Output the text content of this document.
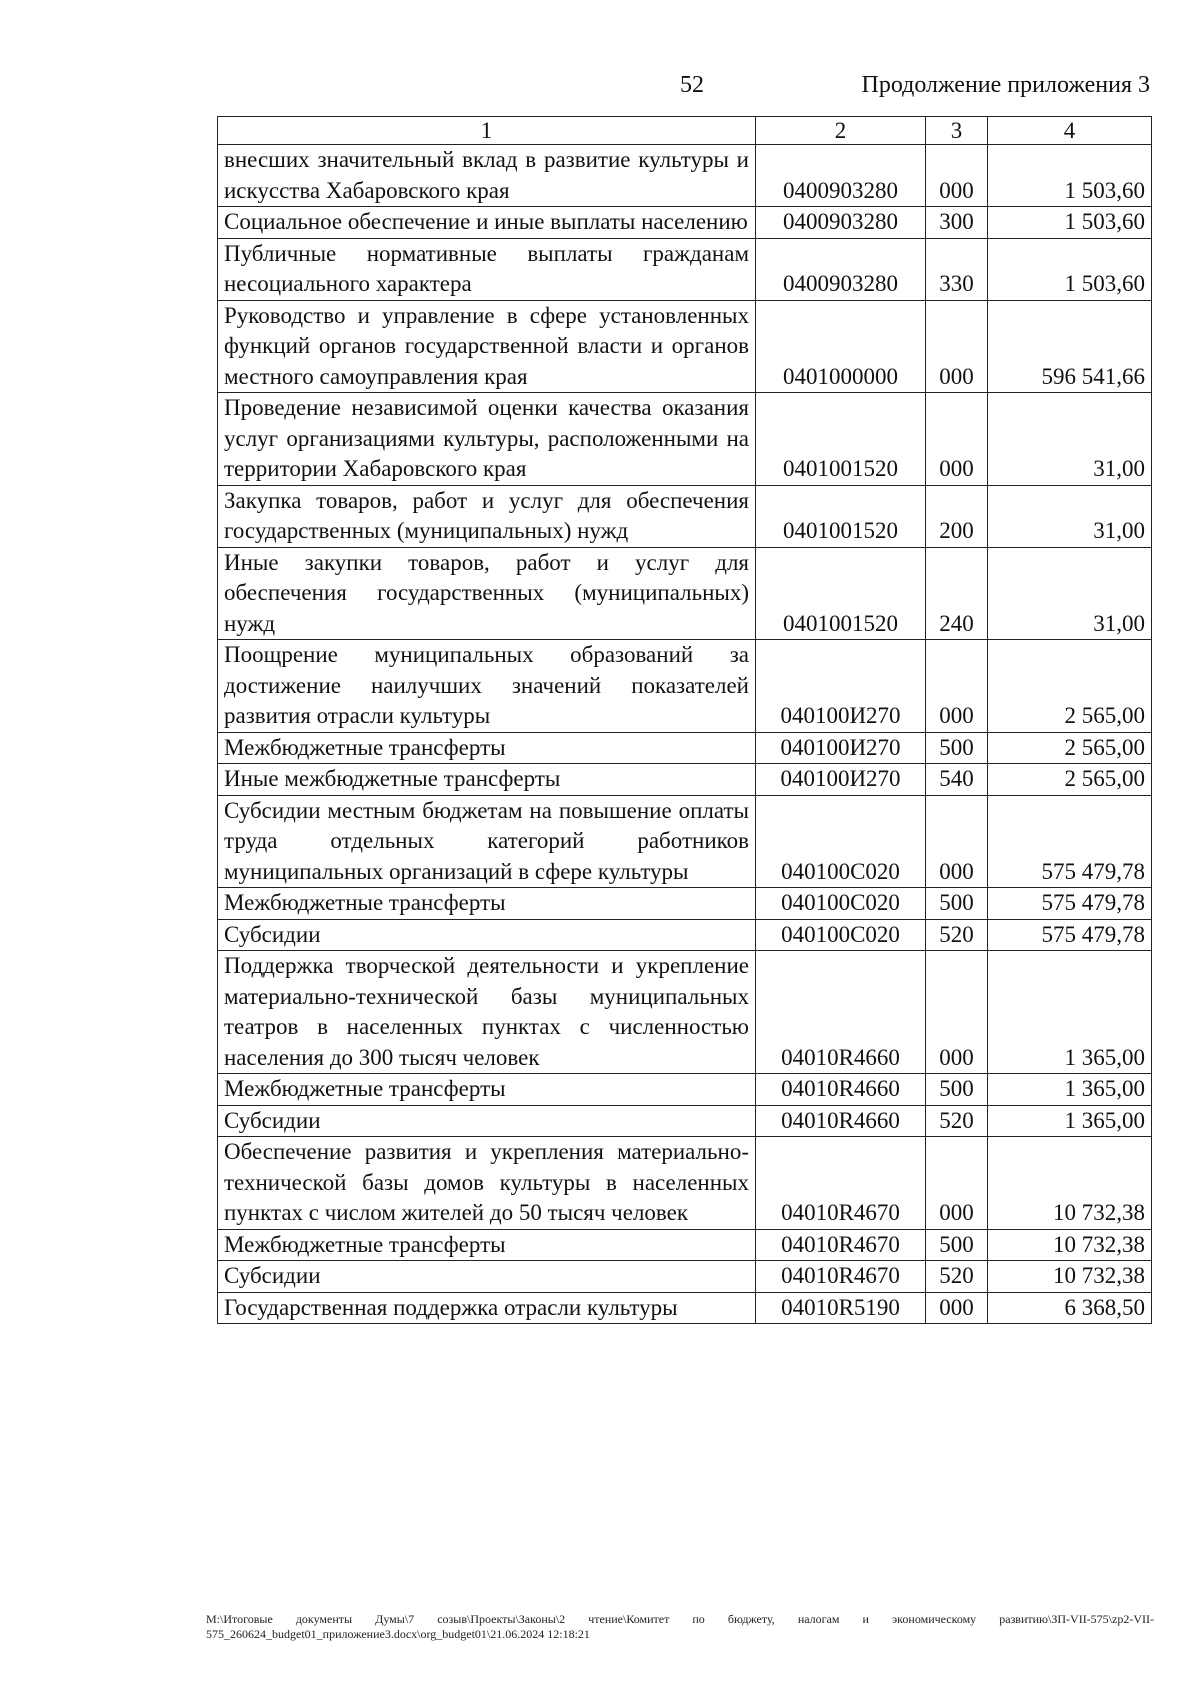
52	Продолжение приложения 3
1	2	3	4
внесших значительный вклад в развитие культуры и искусства Хабаровского края	0400903280	000	1 503,60
Социальное обеспечение и иные выплаты населению	0400903280	300	1 503,60
Публичные нормативные выплаты гражданам несоциального характера	0400903280	330	1 503,60
Руководство и управление в сфере установленных функций органов государственной власти и органов местного самоуправления края	0401000000	000	596 541,66
Проведение независимой оценки качества оказания услуг организациями культуры, расположенными на территории Хабаровского края	0401001520	000	31,00
Закупка товаров, работ и услуг для обеспечения государственных (муниципальных) нужд	0401001520	200	31,00
Иные закупки товаров, работ и услуг для обеспечения государственных (муниципальных) нужд	0401001520	240	31,00
Поощрение муниципальных образований за достижение наилучших значений показателей развития отрасли культуры	040100И270	000	2 565,00
Межбюджетные трансферты	040100И270	500	2 565,00
Иные межбюджетные трансферты	040100И270	540	2 565,00
Субсидии местным бюджетам на повышение оплаты труда отдельных категорий работников муниципальных организаций в сфере культуры	040100С020	000	575 479,78
Межбюджетные трансферты	040100С020	500	575 479,78
Субсидии	040100С020	520	575 479,78
Поддержка творческой деятельности и укрепление материально-технической базы муниципальных театров в населенных пунктах с численностью населения до 300 тысяч человек	04010R4660	000	1 365,00
Межбюджетные трансферты	04010R4660	500	1 365,00
Субсидии	04010R4660	520	1 365,00
Обеспечение развития и укрепления материально-технической базы домов культуры в населенных пунктах с числом жителей до 50 тысяч человек	04010R4670	000	10 732,38
Межбюджетные трансферты	04010R4670	500	10 732,38
Субсидии	04010R4670	520	10 732,38
Государственная поддержка отрасли культуры	04010R5190	000	6 368,50
M:\Итоговые документы Думы\7 созыв\Проекты\Законы\2 чтение\Комитет по бюджету, налогам и экономическому развитию\ЗП-VII-575\zp2-VII-575_260624_budget01_приложение3.docx\org_budget01\21.06.2024 12:18:21
